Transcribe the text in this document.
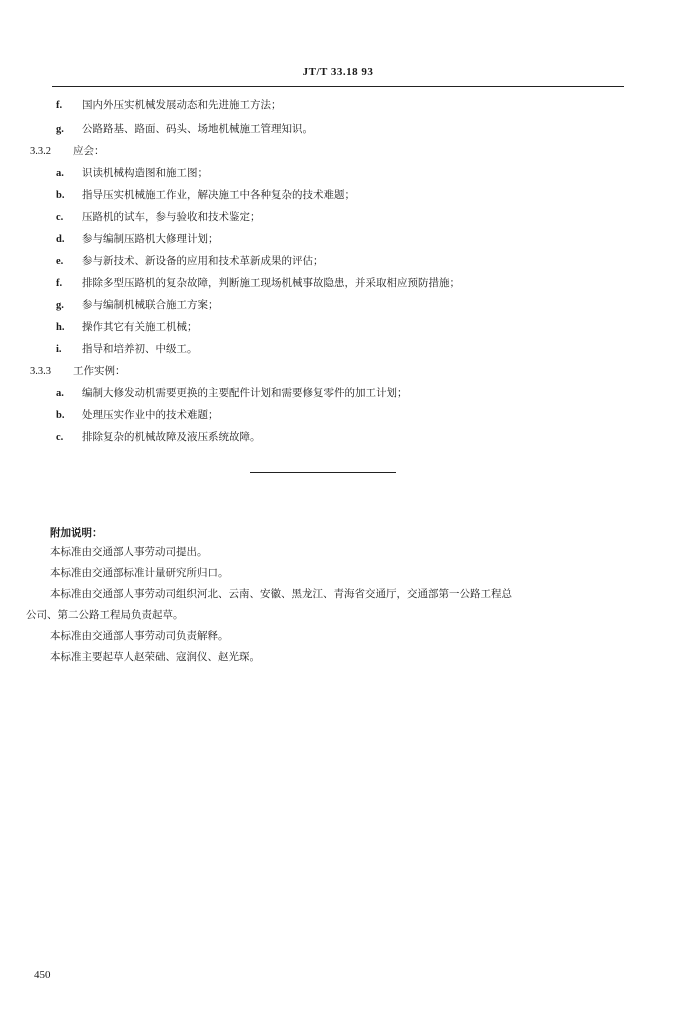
JT/T 33.18 93
f.	国内外压实机械发展动态和先进施工方法；
g.	公路路基、路面、码头、场地机械施工管理知识。
3.3.2 应会：
a.	识读机械构造图和施工图；
b.	指导压实机械施工作业，解决施工中各种复杂的技术难题；
c.	压路机的试车，参与验收和技术鉴定；
d.	参与编制压路机大修理计划；
e.	参与新技术、新设备的应用和技术革新成果的评估；
f.	排除多型压路机的复杂故障，判断施工现场机械事故隐患，并采取相应预防措施；
g.	参与编制机械联合施工方案；
h.	操作其它有关施工机械；
i.	指导和培养初、中级工。
3.3.3 工作实例：
a.	编制大修发动机需要更换的主要配件计划和需要修复零件的加工计划；
b.	处理压实作业中的技术难题；
c.	排除复杂的机械故障及液压系统故障。
附加说明：
本标准由交通部人事劳动司提出。
本标准由交通部标准计量研究所归口。
本标准由交通部人事劳动司组织河北、云南、安徽、黑龙江、青海省交通厅，交通部第一公路工程总
公司、第二公路工程局负责起草。
本标准由交通部人事劳动司负责解释。
本标准主要起草人赵荣础、寇润仪、赵光琛。
450
